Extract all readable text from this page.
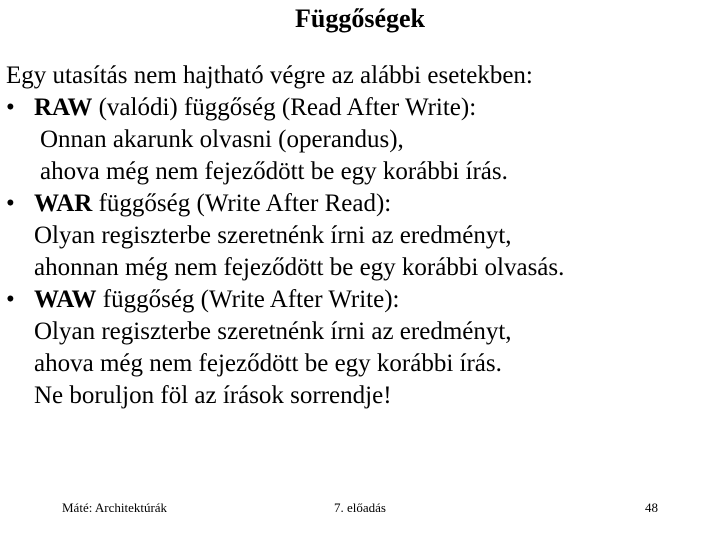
Függőségek
Egy utasítás nem hajtható végre az alábbi esetekben:
• RAW (valódi) függőség (Read After Write):
Onnan akarunk olvasni (operandus),
ahova még nem fejeződött be egy korábbi írás.
• WAR függőség (Write After Read):
Olyan regiszterbe szeretnénk írni az eredményt,
ahonnan még nem fejeződött be egy korábbi olvasás.
• WAW függőség (Write After Write):
Olyan regiszterbe szeretnénk írni az eredményt,
ahova még nem fejeződött be egy korábbi írás.
Ne boruljon föl az írások sorrendje!
Máté: Architektúrák	7. előadás	48
